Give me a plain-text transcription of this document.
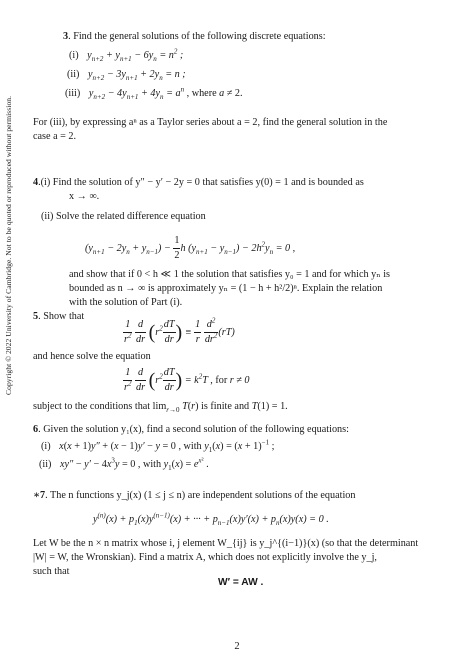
Copyright © 2022 University of Cambridge. Not to be quoted or reproduced without permission.
3. Find the general solutions of the following discrete equations:
(i) $y_{n+2} + y_{n+1} - 6y_n = n^2$ ;
(ii) $y_{n+2} - 3y_{n+1} + 2y_n = n$ ;
(iii) $y_{n+2} - 4y_{n+1} + 4y_n = a^n$ , where a ≠ 2.
For (iii), by expressing aⁿ as a Taylor series about a = 2, find the general solution in the
case a = 2.
4.(i) Find the solution of y″ − y′ − 2y = 0 that satisfies y(0) = 1 and is bounded as
x → ∞.
(ii) Solve the related difference equation
$(y_{n+1} - 2y_n + y_{n-1}) - \frac{1}{2}$ h $(y_{n+1} - y_{n-1}) - 2h^2y_n = 0$ ,
and show that if 0 < h ≪ 1 the solution that satisfies y₀ = 1 and for which yₙ is
bounded as n → ∞ is approximately yₙ = (1 − h + h²/2)ⁿ. Explain the relation
with the solution of Part (i).
5. Show that
$\frac{1}{r^2}$
$\frac{d}{dr} (r^2 \frac{dT}{dr}$ ) ≡ $\frac{1}{r}$
$\frac{d^2}{dr^2} (rT)$
and hence solve the equation
$\frac{1}{r^2}$
$\frac{d}{dr} (r^2 \frac{dT}{dr}$ ) = $k^2T$ , for r ≠ 0
subject to the conditions that $\lim_{r\to 0} T(r)$ is finite and T(1) = 1.
6. Given the solution y₁(x), find a second solution of the following equations:
(i) x(x + 1)y″ + (x − 1)y′ − y = 0 , with $y_1(x) = (x + 1)^{-1}$ ;
(ii) $xy'' - y' - 4x^3y = 0$ , with $y_1(x) = e^{x^2}$ .
∗7. The n functions y_j(x) (1 ≤ j ≤ n) are independent solutions of the equation
$y^{(n)}(x) + p_1(x)y^{(n-1)}(x)$ + ··· + $p_{n-1}(x)y'(x) + p_n(x)y(x) = 0$ .
Let W be the n × n matrix whose i, j element W_{ij} is y_j^{(i−1)}(x) (so that the determinant
|W| = W, the Wronskian). Find a matrix A, which does not explicitly involve the y_j,
such that
W′ = AW .
2
